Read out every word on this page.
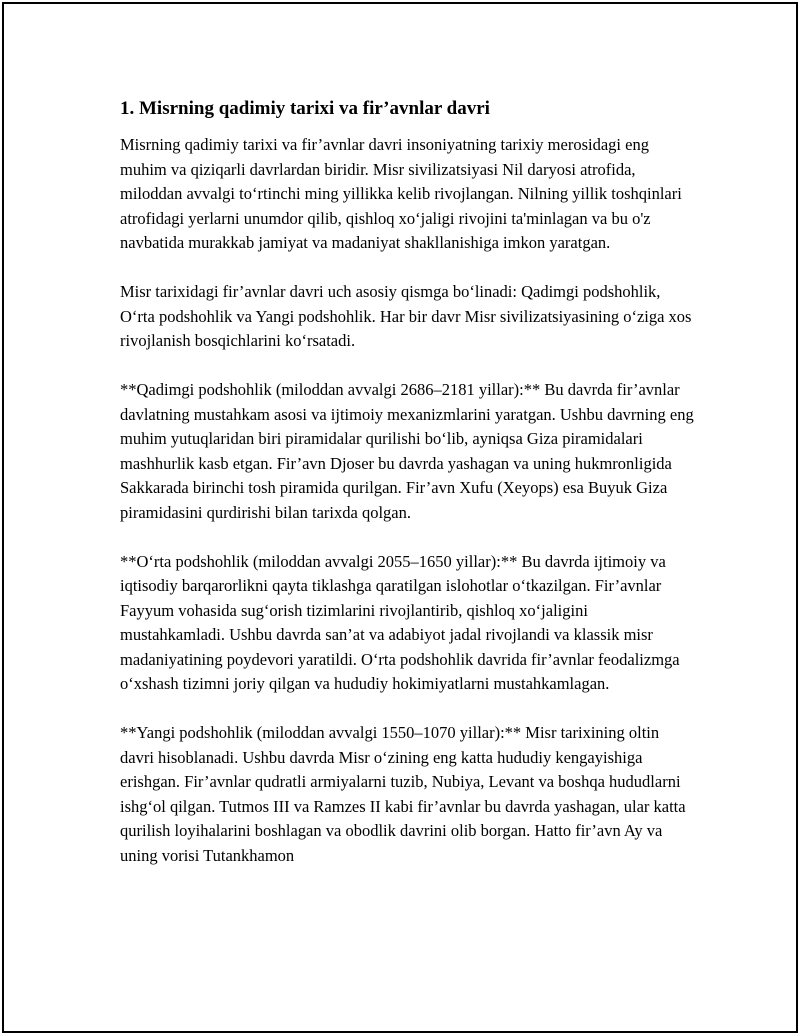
1. Misrning qadimiy tarixi va fir’avnlar davri

Misrning qadimiy tarixi va fir’avnlar davri insoniyatning tarixiy merosidagi eng muhim va qiziqarli davrlardan biridir. Misr sivilizatsiyasi Nil daryosi atrofida, miloddan avvalgi to‘rtinchi ming yillikka kelib rivojlangan. Nilning yillik toshqinlari atrofidagi yerlarni unumdor qilib, qishloq xo‘jaligi rivojini ta'minlagan va bu o'z navbatida murakkab jamiyat va madaniyat shakllanishiga imkon yaratgan.

Misr tarixidagi fir’avnlar davri uch asosiy qismga bo‘linadi: Qadimgi podshohlik, O‘rta podshohlik va Yangi podshohlik. Har bir davr Misr sivilizatsiyasining o‘ziga xos rivojlanish bosqichlarini ko‘rsatadi.

**Qadimgi podshohlik (miloddan avvalgi 2686–2181 yillar):** Bu davrda fir’avnlar davlatning mustahkam asosi va ijtimoiy mexanizmlarini yaratgan. Ushbu davrning eng muhim yutuqlaridan biri piramidalar qurilishi bo‘lib, ayniqsa Giza piramidalari mashhurlik kasb etgan. Fir’avn Djoser bu davrda yashagan va uning hukmronligida Sakkarada birinchi tosh piramida qurilgan. Fir’avn Xufu (Xeyops) esa Buyuk Giza piramidasini qurdirishi bilan tarixda qolgan.

**O‘rta podshohlik (miloddan avvalgi 2055–1650 yillar):** Bu davrda ijtimoiy va iqtisodiy barqarorlikni qayta tiklashga qaratilgan islohotlar o‘tkazilgan. Fir’avnlar Fayyum vohasida sug‘orish tizimlarini rivojlantirib, qishloq xo‘jaligini mustahkamladi. Ushbu davrda san’at va adabiyot jadal rivojlandi va klassik misr madaniyatining poydevori yaratildi. O‘rta podshohlik davrida fir’avnlar feodalizmga o‘xshash tizimni joriy qilgan va hududiy hokimiyatlarni mustahkamlagan.

**Yangi podshohlik (miloddan avvalgi 1550–1070 yillar):** Misr tarixining oltin davri hisoblanadi. Ushbu davrda Misr o‘zining eng katta hududiy kengayishiga erishgan. Fir’avnlar qudratli armiyalarni tuzib, Nubiya, Levant va boshqa hududlarni ishg‘ol qilgan. Tutmos III va Ramzes II kabi fir’avnlar bu davrda yashagan, ular katta qurilish loyihalarini boshlagan va obodlik davrini olib borgan. Hatto fir’avn Ay va uning vorisi Tutankhamon
